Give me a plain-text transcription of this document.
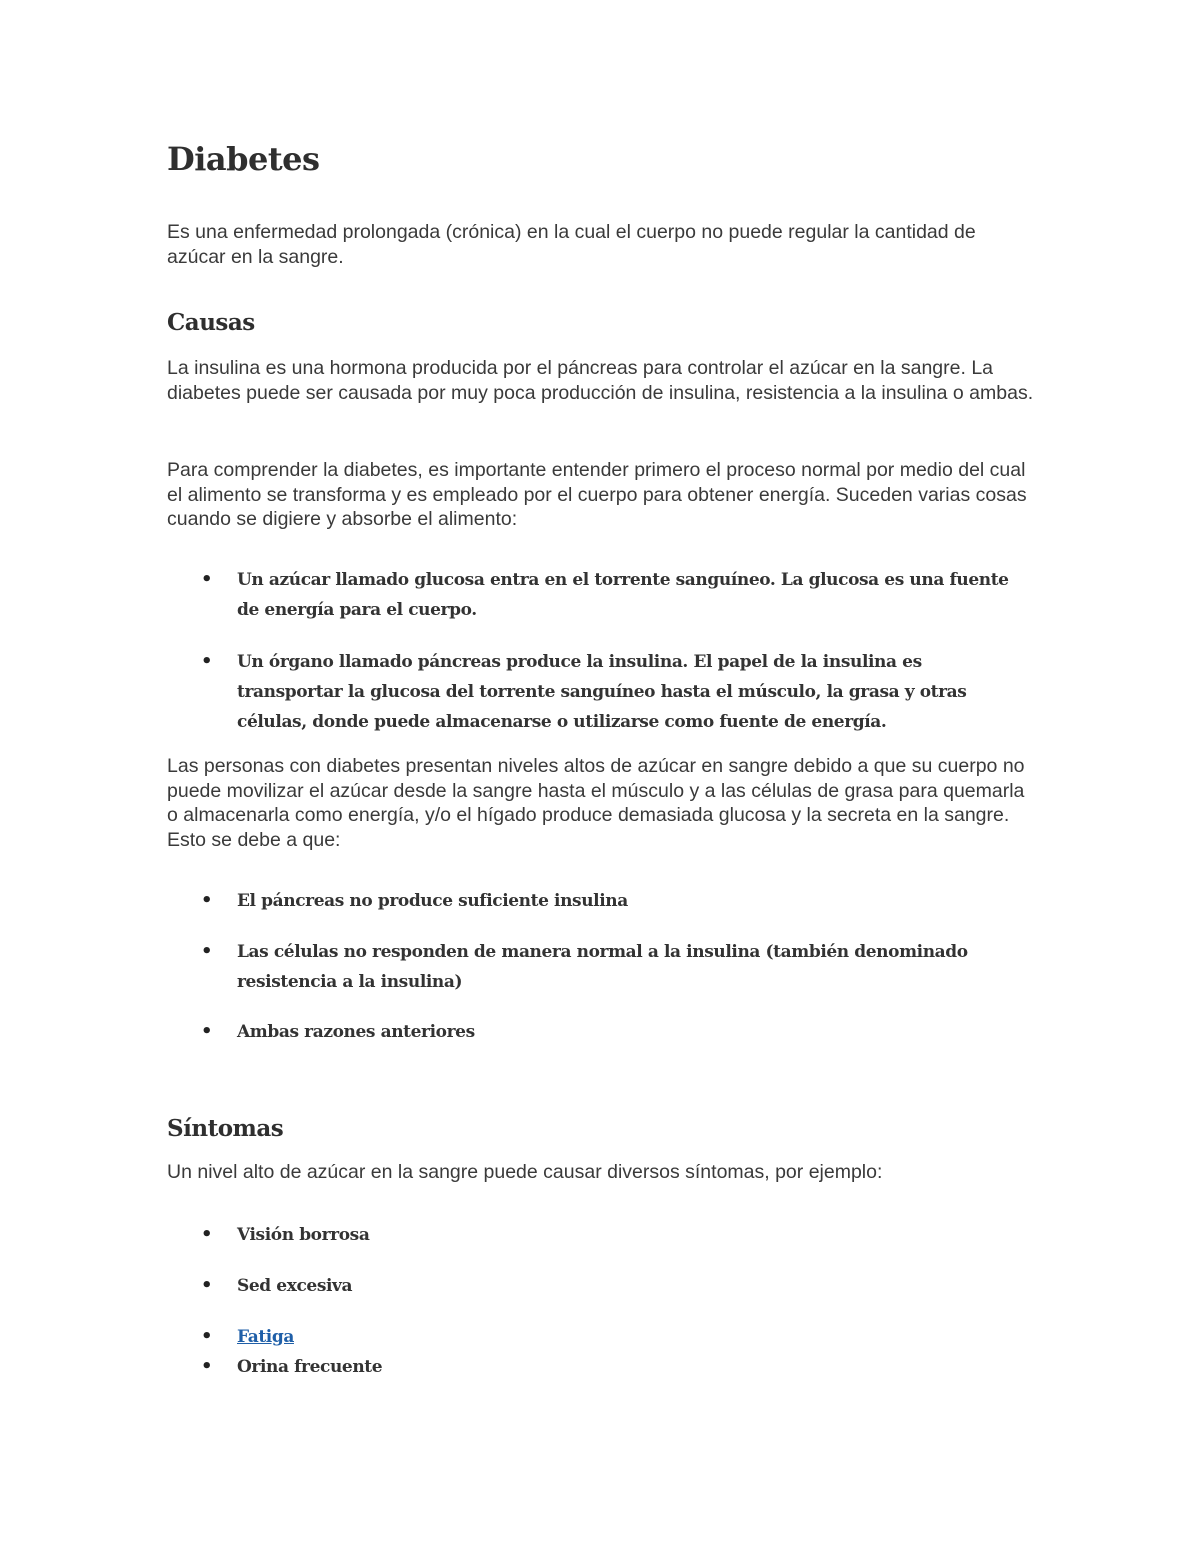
Diabetes

Es una enfermedad prolongada (crónica) en la cual el cuerpo no puede regular la cantidad de azúcar en la sangre.

Causas

La insulina es una hormona producida por el páncreas para controlar el azúcar en la sangre. La diabetes puede ser causada por muy poca producción de insulina, resistencia a la insulina o ambas.

Para comprender la diabetes, es importante entender primero el proceso normal por medio del cual el alimento se transforma y es empleado por el cuerpo para obtener energía. Suceden varias cosas cuando se digiere y absorbe el alimento:

• Un azúcar llamado glucosa entra en el torrente sanguíneo. La glucosa es una fuente de energía para el cuerpo.
• Un órgano llamado páncreas produce la insulina. El papel de la insulina es transportar la glucosa del torrente sanguíneo hasta el músculo, la grasa y otras células, donde puede almacenarse o utilizarse como fuente de energía.

Las personas con diabetes presentan niveles altos de azúcar en sangre debido a que su cuerpo no puede movilizar el azúcar desde la sangre hasta el músculo y a las células de grasa para quemarla o almacenarla como energía, y/o el hígado produce demasiada glucosa y la secreta en la sangre. Esto se debe a que:

• El páncreas no produce suficiente insulina
• Las células no responden de manera normal a la insulina (también denominado resistencia a la insulina)
• Ambas razones anteriores
Síntomas

Un nivel alto de azúcar en la sangre puede causar diversos síntomas, por ejemplo:

• Visión borrosa
• Sed excesiva
• Fatiga
• Orina frecuente
